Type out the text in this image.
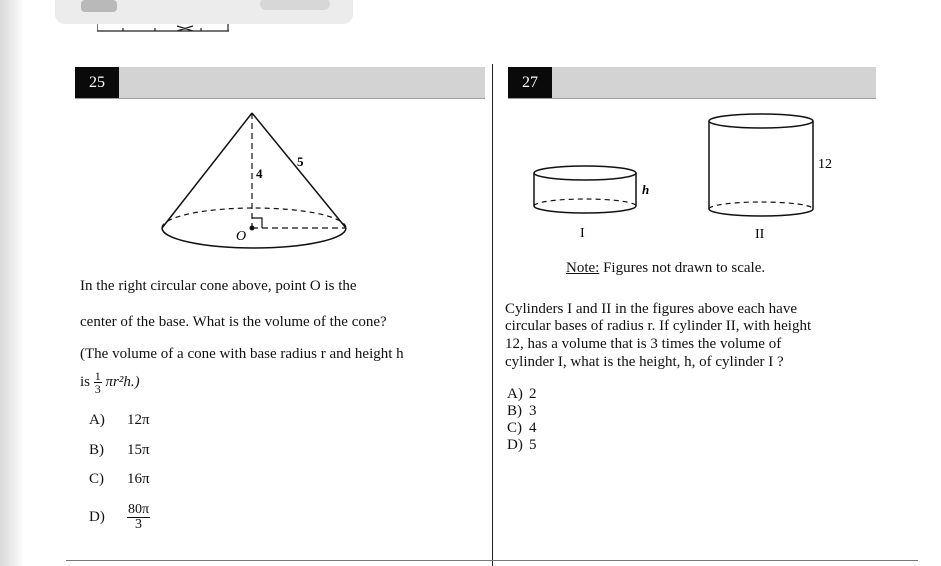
25
4
5
O
In the right circular cone above, point O is the
center of the base. What is the volume of the cone?
(The volume of a cone with base radius r and height h
is $\frac{1}{3} \pi r^2h$.)
A) 12π
B) 15π
C) 16π
$D) \frac{80\pi}{3}$
27
h
I
12
II
Note: Figures not drawn to scale.
Cylinders I and II in the figures above each have
circular bases of radius r. If cylinder II, with height
12, has a volume that is 3 times the volume of
cylinder I, what is the height, h, of cylinder I ?
A) 2
B) 3
C) 4
D) 5
